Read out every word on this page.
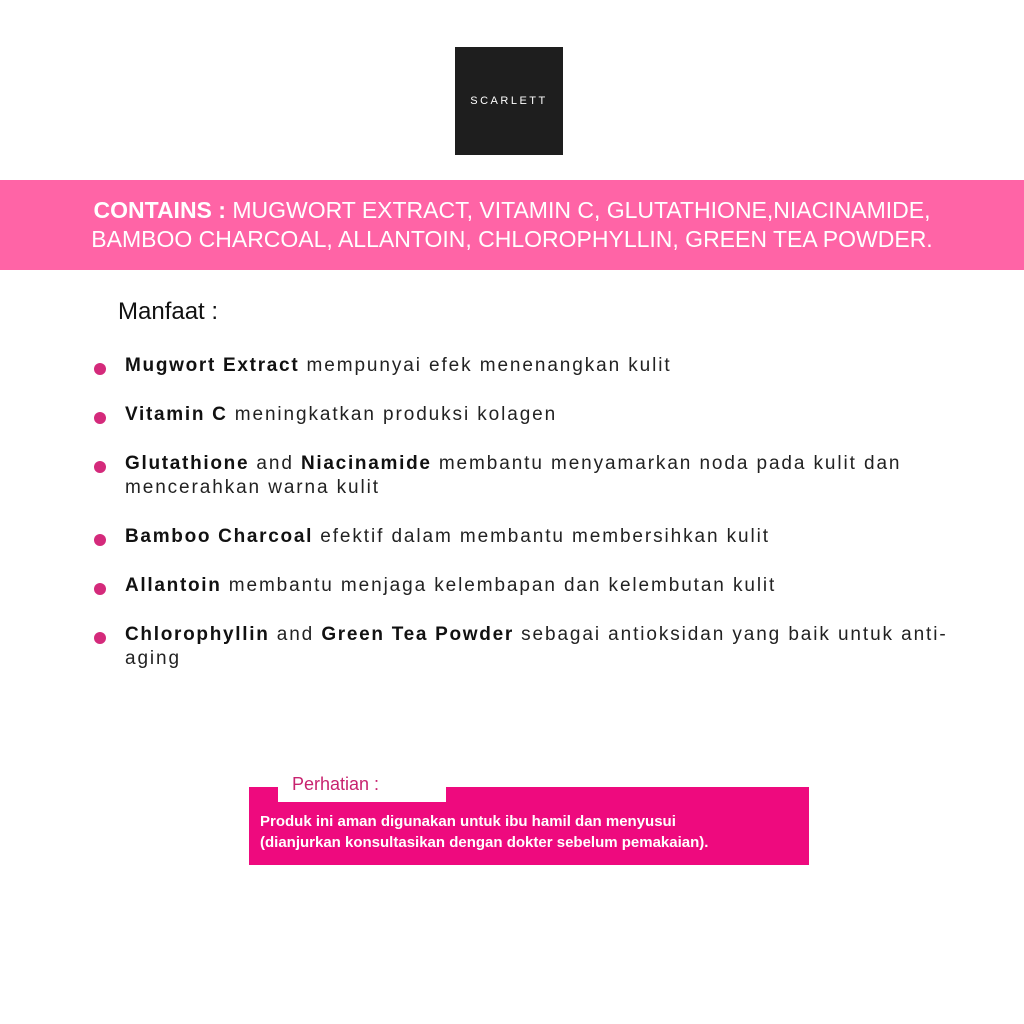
SCARLETT
CONTAINS : MUGWORT EXTRACT, VITAMIN C, GLUTATHIONE,NIACINAMIDE,
BAMBOO CHARCOAL, ALLANTOIN, CHLOROPHYLLIN, GREEN TEA POWDER.
Manfaat :
Mugwort Extract mempunyai efek menenangkan kulit
Vitamin C meningkatkan produksi kolagen
Glutathione and Niacinamide membantu menyamarkan noda pada kulit dan mencerahkan warna kulit
Bamboo Charcoal efektif dalam membantu membersihkan kulit
Allantoin membantu menjaga kelembapan dan kelembutan kulit
Chlorophyllin and Green Tea Powder sebagai antioksidan yang baik untuk anti-aging

Produk ini aman digunakan untuk ibu hamil dan menyusui
(dianjurkan konsultasikan dengan dokter sebelum pemakaian).

Perhatian :
